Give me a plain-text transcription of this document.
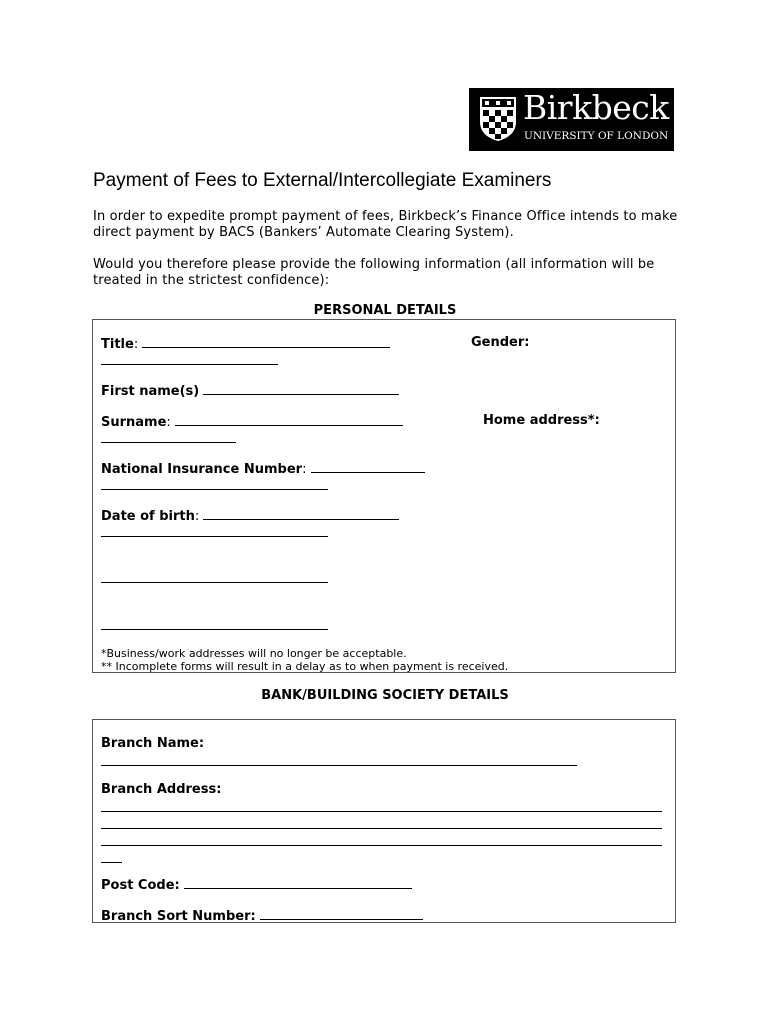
Birkbeck
UNIVERSITY OF LONDON
Payment of Fees to External/Intercollegiate Examiners
In order to expedite prompt payment of fees, Birkbeck’s Finance Office intends to make direct payment by BACS (Bankers’ Automate Clearing System).
Would you therefore please provide the following information (all information will be treated in the strictest confidence):
PERSONAL DETAILS
Title:	Gender:
First name(s)
Surname:	Home address*:
National Insurance Number:
Date of birth:
*Business/work addresses will no longer be acceptable.
** Incomplete forms will result in a delay as to when payment is received.
BANK/BUILDING SOCIETY DETAILS
Branch Name:
Branch Address:
Post Code:
Branch Sort Number:
